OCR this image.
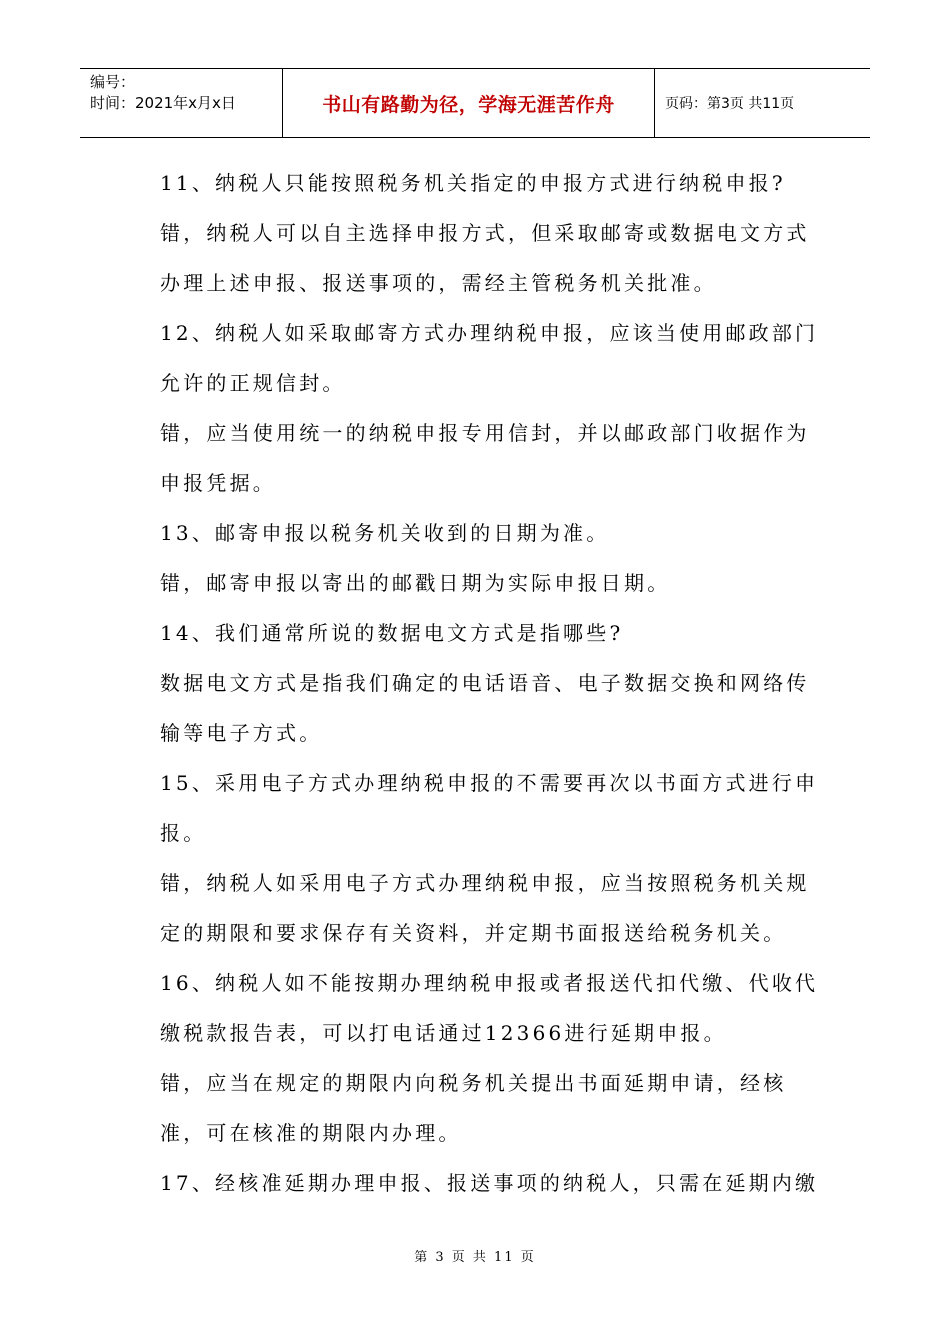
编号：
时间：2021年x月x日	书山有路勤为径，学海无涯苦作舟	页码：第3页 共11页
11、纳税人只能按照税务机关指定的申报方式进行纳税申报?
错，纳税人可以自主选择申报方式，但采取邮寄或数据电文方式
办理上述申报、报送事项的，需经主管税务机关批准。
12、纳税人如采取邮寄方式办理纳税申报，应该当使用邮政部门
允许的正规信封。
错，应当使用统一的纳税申报专用信封，并以邮政部门收据作为
申报凭据。
13、邮寄申报以税务机关收到的日期为准。
错，邮寄申报以寄出的邮戳日期为实际申报日期。
14、我们通常所说的数据电文方式是指哪些?
数据电文方式是指我们确定的电话语音、电子数据交换和网络传
输等电子方式。
15、采用电子方式办理纳税申报的不需要再次以书面方式进行申
报。
错，纳税人如采用电子方式办理纳税申报，应当按照税务机关规
定的期限和要求保存有关资料，并定期书面报送给税务机关。
16、纳税人如不能按期办理纳税申报或者报送代扣代缴、代收代
缴税款报告表，可以打电话通过12366进行延期申报。
错，应当在规定的期限内向税务机关提出书面延期申请，经核
准，可在核准的期限内办理。
17、经核准延期办理申报、报送事项的纳税人，只需在延期内缴
第 3 页 共 11 页
